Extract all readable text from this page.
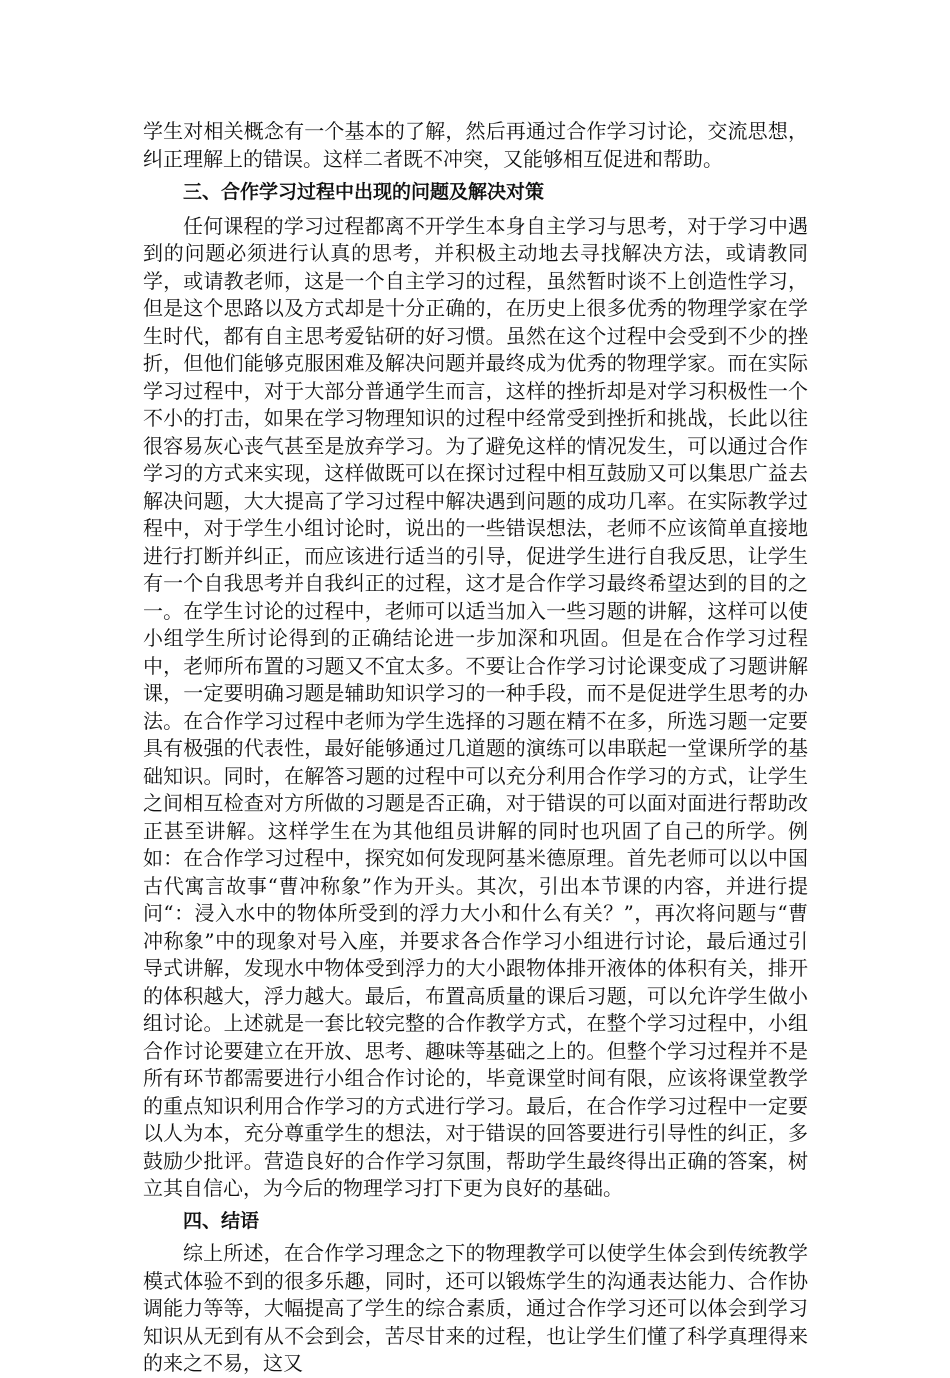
学生对相关概念有一个基本的了解，然后再通过合作学习讨论，交流思想，纠正理解上的错误。这样二者既不冲突，又能够相互促进和帮助。

三、合作学习过程中出现的问题及解决对策

任何课程的学习过程都离不开学生本身自主学习与思考，对于学习中遇到的问题必须进行认真的思考，并积极主动地去寻找解决方法，或请教同学，或请教老师，这是一个自主学习的过程，虽然暂时谈不上创造性学习，但是这个思路以及方式却是十分正确的，在历史上很多优秀的物理学家在学生时代，都有自主思考爱钻研的好习惯。虽然在这个过程中会受到不少的挫折，但他们能够克服困难及解决问题并最终成为优秀的物理学家。而在实际学习过程中，对于大部分普通学生而言，这样的挫折却是对学习积极性一个不小的打击，如果在学习物理知识的过程中经常受到挫折和挑战，长此以往很容易灰心丧气甚至是放弃学习。为了避免这样的情况发生，可以通过合作学习的方式来实现，这样做既可以在探讨过程中相互鼓励又可以集思广益去解决问题，大大提高了学习过程中解决遇到问题的成功几率。在实际教学过程中，对于学生小组讨论时，说出的一些错误想法，老师不应该简单直接地进行打断并纠正，而应该进行适当的引导，促进学生进行自我反思，让学生有一个自我思考并自我纠正的过程，这才是合作学习最终希望达到的目的之一。在学生讨论的过程中，老师可以适当加入一些习题的讲解，这样可以使小组学生所讨论得到的正确结论进一步加深和巩固。但是在合作学习过程中，老师所布置的习题又不宜太多。不要让合作学习讨论课变成了习题讲解课，一定要明确习题是辅助知识学习的一种手段，而不是促进学生思考的办法。在合作学习过程中老师为学生选择的习题在精不在多，所选习题一定要具有极强的代表性，最好能够通过几道题的演练可以串联起一堂课所学的基础知识。同时，在解答习题的过程中可以充分利用合作学习的方式，让学生之间相互检查对方所做的习题是否正确，对于错误的可以面对面进行帮助改正甚至讲解。这样学生在为其他组员讲解的同时也巩固了自己的所学。例如：在合作学习过程中，探究如何发现阿基米德原理。首先老师可以以中国古代寓言故事“曹冲称象”作为开头。其次，引出本节课的内容，并进行提问“：浸入水中的物体所受到的浮力大小和什么有关？”，再次将问题与“曹冲称象”中的现象对号入座，并要求各合作学习小组进行讨论，最后通过引导式讲解，发现水中物体受到浮力的大小跟物体排开液体的体积有关，排开的体积越大，浮力越大。最后，布置高质量的课后习题，可以允许学生做小组讨论。上述就是一套比较完整的合作教学方式，在整个学习过程中，小组合作讨论要建立在开放、思考、趣味等基础之上的。但整个学习过程并不是所有环节都需要进行小组合作讨论的，毕竟课堂时间有限，应该将课堂教学的重点知识利用合作学习的方式进行学习。最后，在合作学习过程中一定要以人为本，充分尊重学生的想法，对于错误的回答要进行引导性的纠正，多鼓励少批评。营造良好的合作学习氛围，帮助学生最终得出正确的答案，树立其自信心，为今后的物理学习打下更为良好的基础。

四、结语

综上所述，在合作学习理念之下的物理教学可以使学生体会到传统教学模式体验不到的很多乐趣，同时，还可以锻炼学生的沟通表达能力、合作协调能力等等，大幅提高了学生的综合素质，通过合作学习还可以体会到学习知识从无到有从不会到会，苦尽甘来的过程，也让学生们懂了科学真理得来的来之不易，这又
